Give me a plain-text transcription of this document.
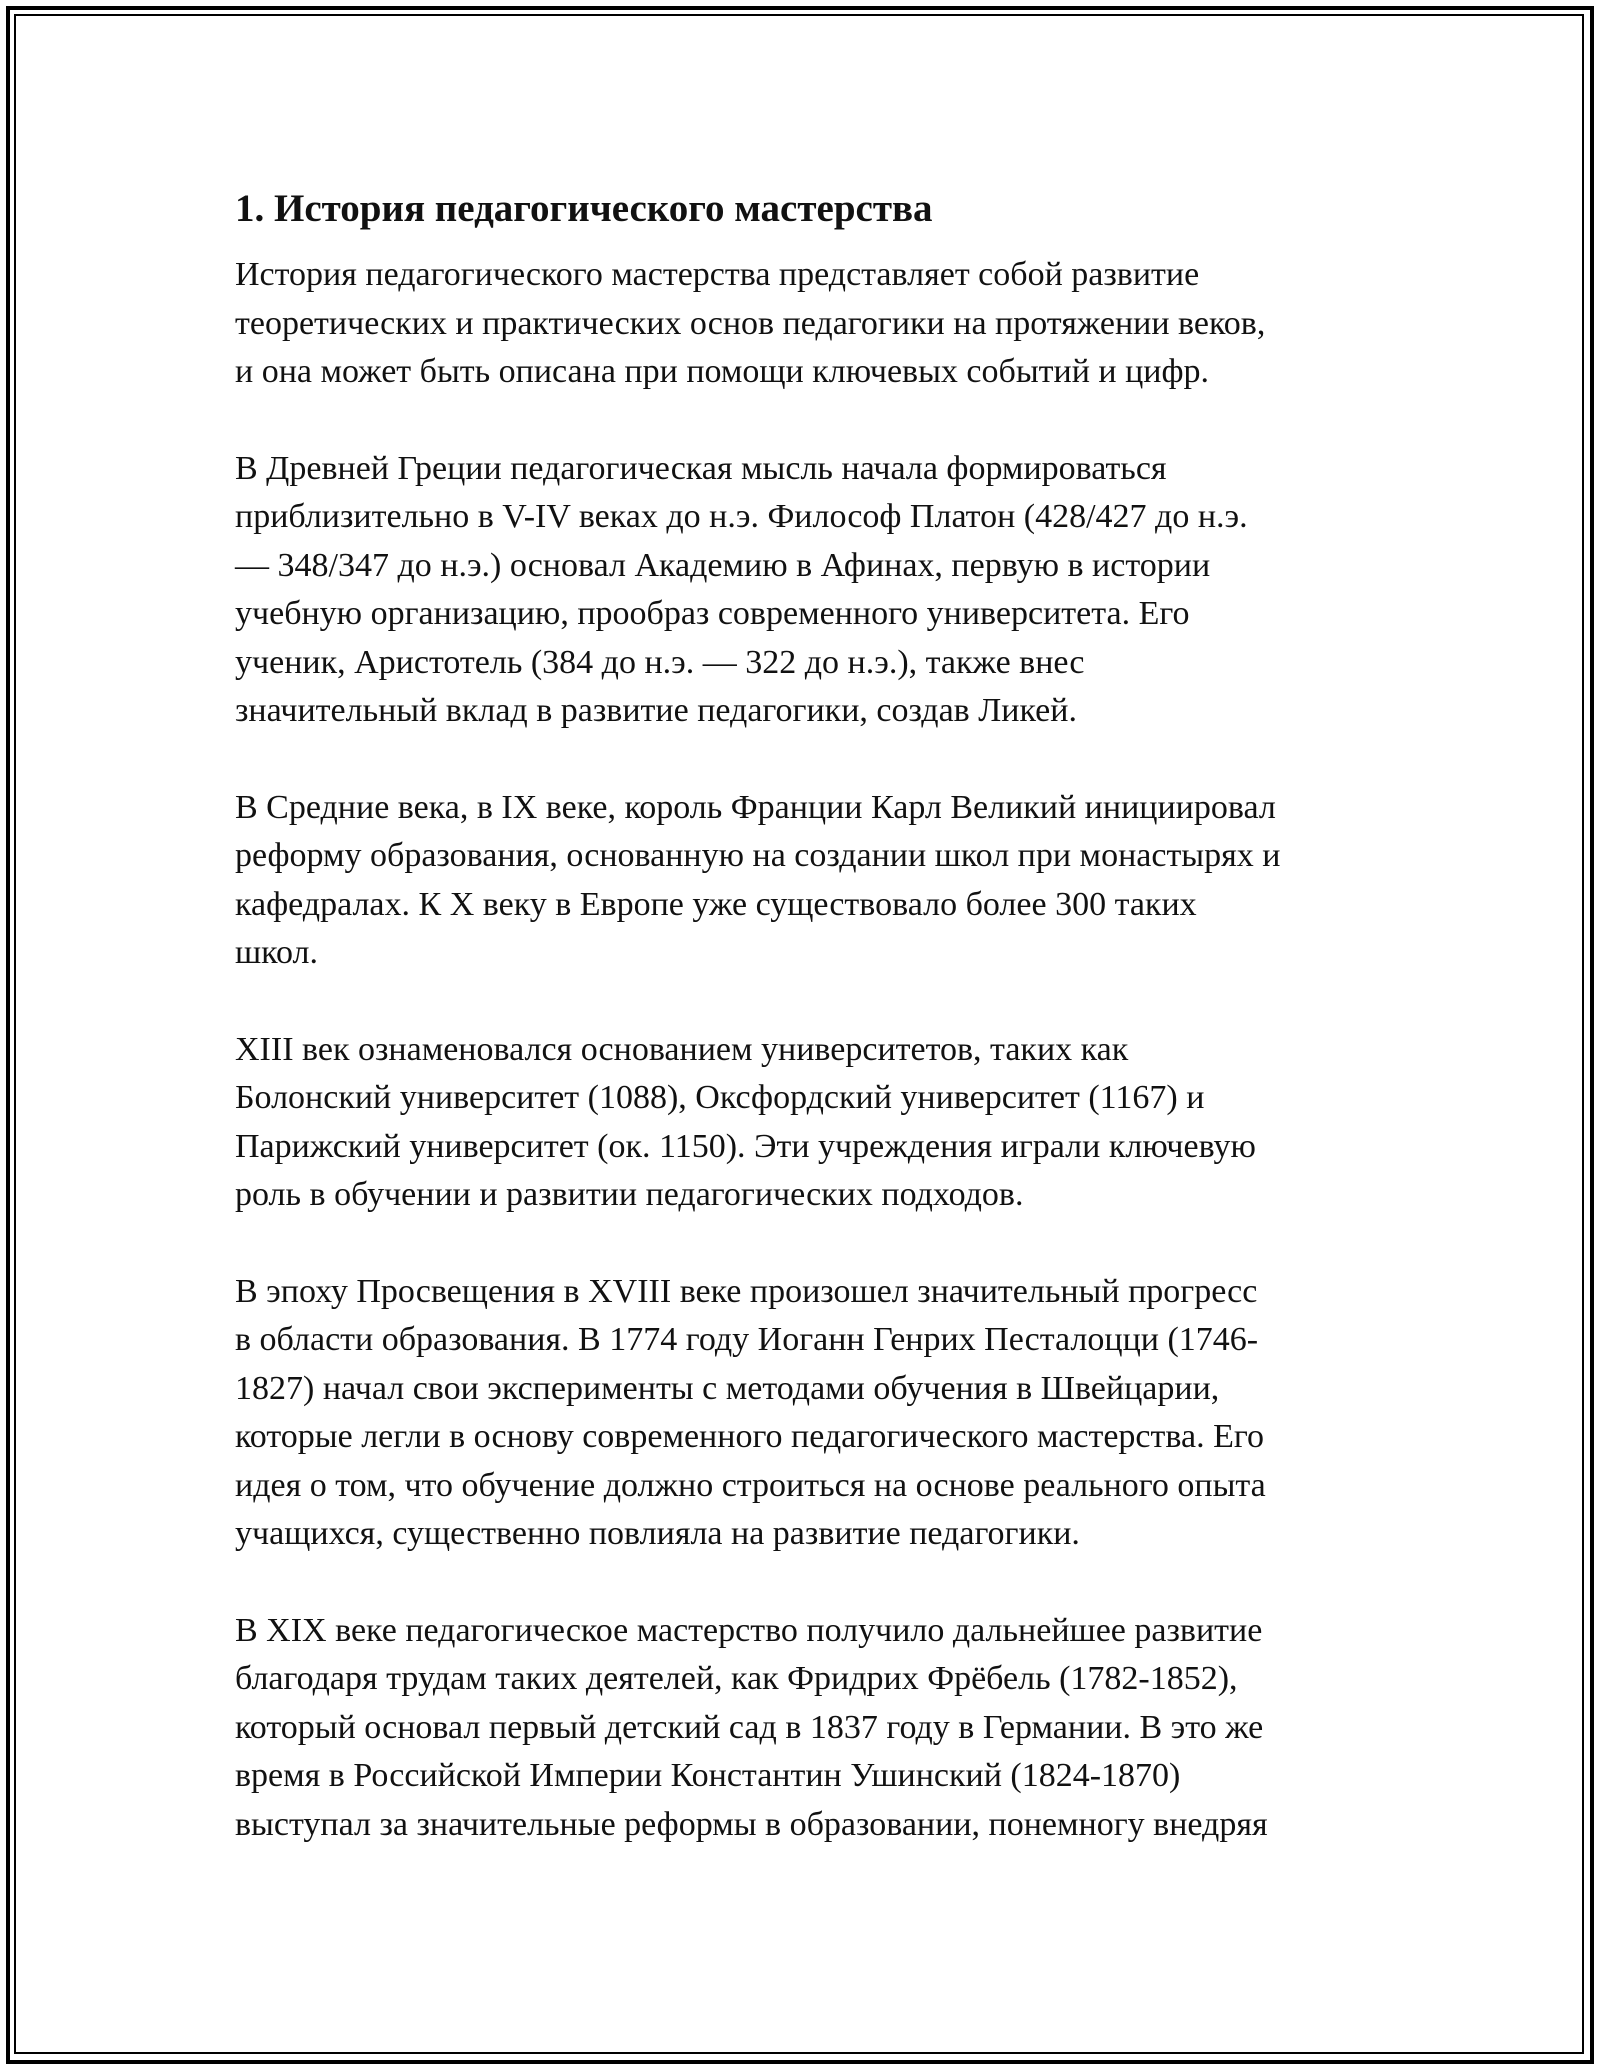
1. История педагогического мастерства

История педагогического мастерства представляет собой развитие
теоретических и практических основ педагогики на протяжении веков,
и она может быть описана при помощи ключевых событий и цифр.

В Древней Греции педагогическая мысль начала формироваться
приблизительно в V-IV веках до н.э. Философ Платон (428/427 до н.э.
— 348/347 до н.э.) основал Академию в Афинах, первую в истории
учебную организацию, прообраз современного университета. Его
ученик, Аристотель (384 до н.э. — 322 до н.э.), также внес
значительный вклад в развитие педагогики, создав Ликей.

В Средние века, в IX веке, король Франции Карл Великий инициировал
реформу образования, основанную на создании школ при монастырях и
кафедралах. К X веку в Европе уже существовало более 300 таких
школ.

XIII век ознаменовался основанием университетов, таких как
Болонский университет (1088), Оксфордский университет (1167) и
Парижский университет (ок. 1150). Эти учреждения играли ключевую
роль в обучении и развитии педагогических подходов.

В эпоху Просвещения в XVIII веке произошел значительный прогресс
в области образования. В 1774 году Иоганн Генрих Песталоцци (1746-
1827) начал свои эксперименты с методами обучения в Швейцарии,
которые легли в основу современного педагогического мастерства. Его
идея о том, что обучение должно строиться на основе реального опыта
учащихся, существенно повлияла на развитие педагогики.

В XIX веке педагогическое мастерство получило дальнейшее развитие
благодаря трудам таких деятелей, как Фридрих Фрёбель (1782-1852),
который основал первый детский сад в 1837 году в Германии. В это же
время в Российской Империи Константин Ушинский (1824-1870)
выступал за значительные реформы в образовании, понемногу внедряя
